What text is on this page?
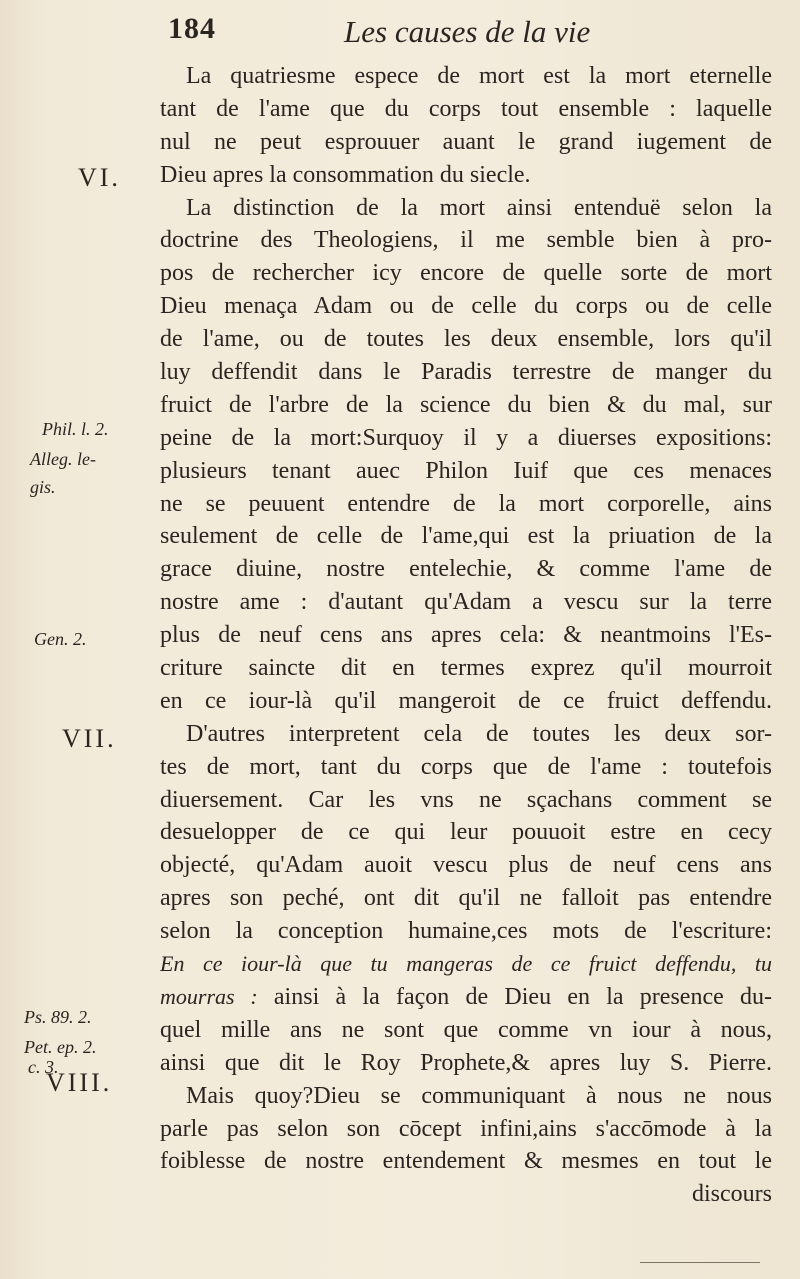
184	Les causes de la vie
VI.
Phil. l. 2.
Alleg. le-
gis.
Gen. 2.
VII.
Ps. 89. 2.
Pet. ep. 2.
c. 3.
VIII.
La quatriesme espece de mort est la mort eternelle
tant de l'ame que du corps tout ensemble : laquelle
nul ne peut esprouuer auant le grand iugement de
Dieu apres la consommation du siecle.
La distinction de la mort ainsi entenduë selon la
doctrine des Theologiens, il me semble bien à pro-
pos de rechercher icy encore de quelle sorte de mort
Dieu menaça Adam ou de celle du corps ou de celle
de l'ame, ou de toutes les deux ensemble, lors qu'il
luy deffendit dans le Paradis terrestre de manger du
fruict de l'arbre de la science du bien & du mal, sur
peine de la mort:Surquoy il y a diuerses expositions:
plusieurs tenant auec Philon Iuif que ces menaces
ne se peuuent entendre de la mort corporelle, ains
seulement de celle de l'ame,qui est la priuation de la
grace diuine, nostre entelechie, & comme l'ame de
nostre ame : d'autant qu'Adam a vescu sur la terre
plus de neuf cens ans apres cela: & neantmoins l'Es-
criture saincte dit en termes exprez qu'il mourroit
en ce iour-là qu'il mangeroit de ce fruict deffendu.
D'autres interpretent cela de toutes les deux sor-
tes de mort, tant du corps que de l'ame : toutefois
diuersement. Car les vns ne sçachans comment se
desuelopper de ce qui leur pouuoit estre en cecy
objecté, qu'Adam auoit vescu plus de neuf cens ans
apres son peché, ont dit qu'il ne falloit pas entendre
selon la conception humaine,ces mots de l'escriture:
En ce iour-là que tu mangeras de ce fruict deffendu, tu
mourras : ainsi à la façon de Dieu en la presence du-
quel mille ans ne sont que comme vn iour à nous,
ainsi que dit le Roy Prophete,& apres luy S. Pierre.
Mais quoy?Dieu se communiquant à nous ne nous
parle pas selon son cōcept infini,ains s'accōmode à la
foiblesse de nostre entendement & mesmes en tout le
discours
